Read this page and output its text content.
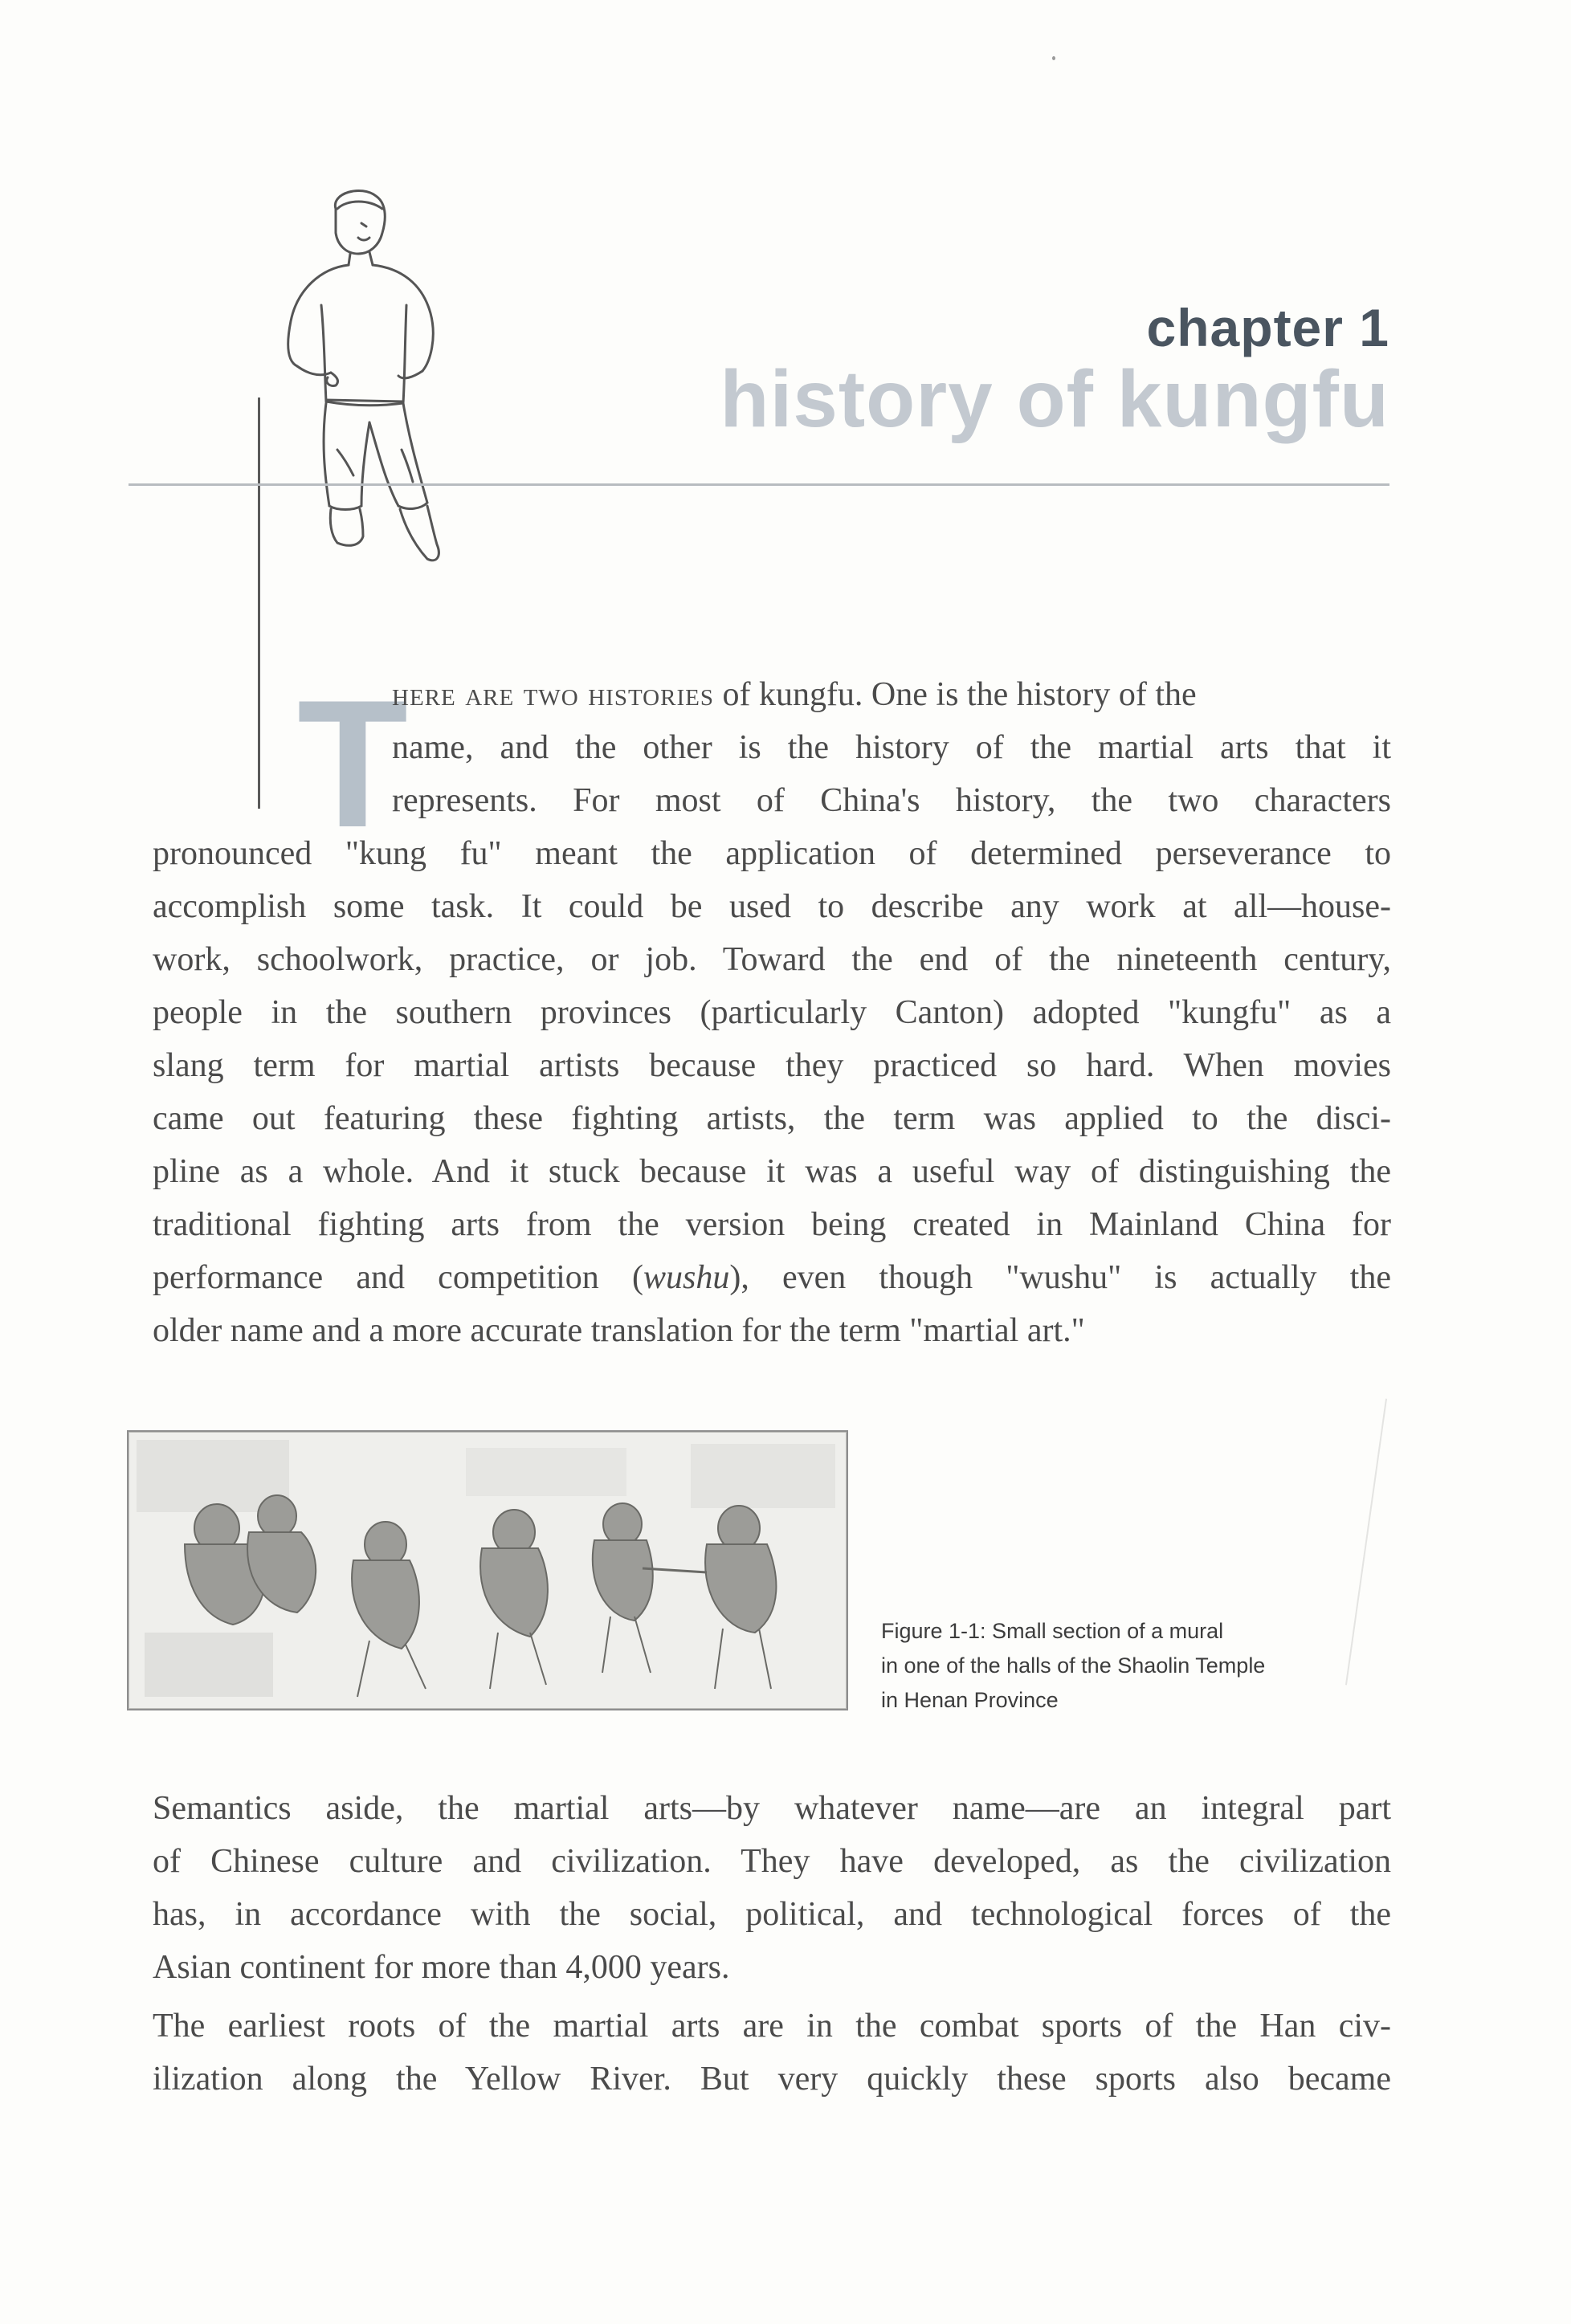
chapter 1
history of kungfu
T
here are two histories of kungfu. One is the history of the
name, and the other is the history of the martial arts that it
represents. For most of China's history, the two characters
pronounced "kung fu" meant the application of determined perseverance to
accomplish some task. It could be used to describe any work at all—house-
work, schoolwork, practice, or job. Toward the end of the nineteenth century,
people in the southern provinces (particularly Canton) adopted "kungfu" as a
slang term for martial artists because they practiced so hard. When movies
came out featuring these fighting artists, the term was applied to the disci-
pline as a whole. And it stuck because it was a useful way of distinguishing the
traditional fighting arts from the version being created in Mainland China for
performance and competition (wushu), even though "wushu" is actually the
older name and a more accurate translation for the term "martial art."
Figure 1-1: Small section of a mural
in one of the halls of the Shaolin Temple
in Henan Province
Semantics aside, the martial arts—by whatever name—are an integral part
of Chinese culture and civilization. They have developed, as the civilization
has, in accordance with the social, political, and technological forces of the
Asian continent for more than 4,000 years.
The earliest roots of the martial arts are in the combat sports of the Han civ-
ilization along the Yellow River. But very quickly these sports also became
